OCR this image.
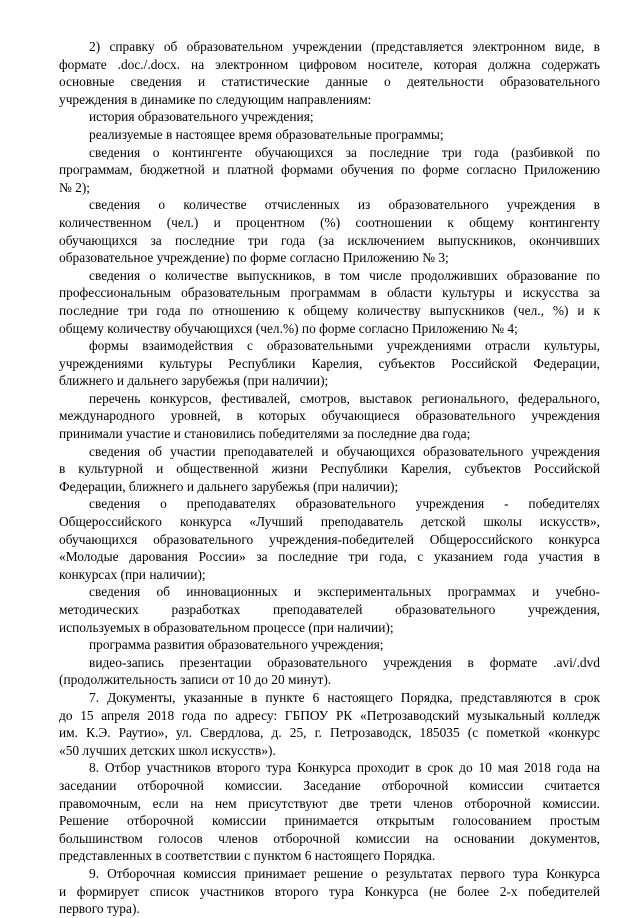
2) справку об образовательном учреждении (представляется электронном виде, в
формате .doc./.docx. на электронном цифровом носителе, которая должна содержать
основные сведения и статистические данные о деятельности образовательного
учреждения в динамике по следующим направлениям:
история образовательного учреждения;
реализуемые в настоящее время образовательные программы;
сведения о контингенте обучающихся за последние три года (разбивкой по
программам, бюджетной и платной формами обучения по форме согласно Приложению
№ 2);
сведения о количестве отчисленных из образовательного учреждения в
количественном (чел.) и процентном (%) соотношении к общему контингенту
обучающихся за последние три года (за исключением выпускников, окончивших
образовательное учреждение) по форме согласно Приложению № 3;
сведения о количестве выпускников, в том числе продолживших образование по
профессиональным образовательным программам в области культуры и искусства за
последние три года по отношению к общему количеству выпускников (чел., %) и к
общему количеству обучающихся (чел.%) по форме согласно Приложению № 4;
формы взаимодействия с образовательными учреждениями отрасли культуры,
учреждениями культуры Республики Карелия, субъектов Российской Федерации,
ближнего и дальнего зарубежья (при наличии);
перечень конкурсов, фестивалей, смотров, выставок регионального, федерального,
международного уровней, в которых обучающиеся образовательного учреждения
принимали участие и становились победителями за последние два года;
сведения об участии преподавателей и обучающихся образовательного учреждения
в культурной и общественной жизни Республики Карелия, субъектов Российской
Федерации, ближнего и дальнего зарубежья (при наличии);
сведения о преподавателях образовательного учреждения - победителях
Общероссийского конкурса «Лучший преподаватель детской школы искусств»,
обучающихся образовательного учреждения-победителей Общероссийского конкурса
«Молодые дарования России» за последние три года, с указанием года участия в
конкурсах (при наличии);
сведения об инновационных и экспериментальных программах и учебно-
методических разработках преподавателей образовательного учреждения,
используемых в образовательном процессе (при наличии);
программа развития образовательного учреждения;
видео-запись презентации образовательного учреждения в формате .avi/.dvd
(продолжительность записи от 10 до 20 минут).
7. Документы, указанные в пункте 6 настоящего Порядка, представляются в срок
до 15 апреля 2018 года по адресу: ГБПОУ РК «Петрозаводский музыкальный колледж
им. К.Э. Раутио», ул. Свердлова, д. 25, г. Петрозаводск, 185035 (с пометкой «конкурс
«50 лучших детских школ искусств»).
8. Отбор участников второго тура Конкурса проходит в срок до 10 мая 2018 года на
заседании отборочной комиссии. Заседание отборочной комиссии считается
правомочным, если на нем присутствуют две трети членов отборочной комиссии.
Решение отборочной комиссии принимается открытым голосованием простым
большинством голосов членов отборочной комиссии на основании документов,
представленных в соответствии с пунктом 6 настоящего Порядка.
9. Отборочная комиссия принимает решение о результатах первого тура Конкурса
и формирует список участников второго тура Конкурса (не более 2-х победителей
первого тура).
